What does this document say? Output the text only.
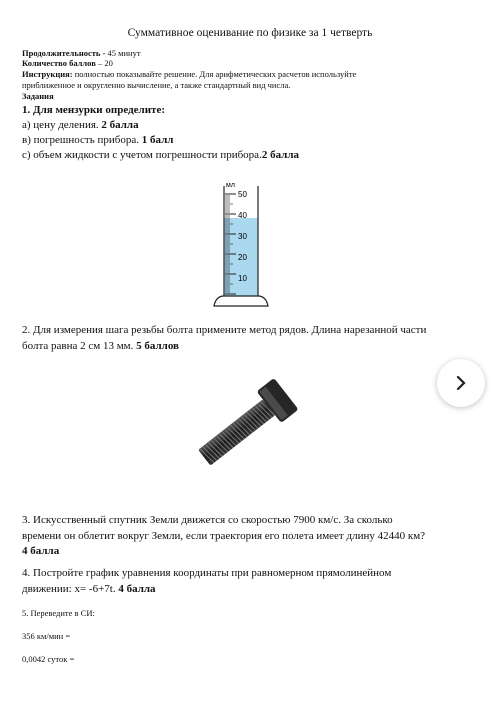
Суммативное оценивание по физике за 1 четверть
Продолжительность - 45 минут
Количество баллов – 20
Инструкция: полностью показывайте решение. Для арифметических расчетов используйте
приближенное и округленно вычисление, а также стандартный вид числа.
Задания
1. Для мензурки определите:
а) цену деления. 2 балла
в) погрешность прибора. 1 балл
с) объем жидкости с учетом погрешности прибора.2 балла
мл
50
40
30
20
10
2. Для измерения шага резьбы болта примените метод рядов. Длина нарезанной части
болта равна 2 см 13 мм. 5 баллов
3. Искусственный спутник Земли движется со скоростью 7900 км/с. За сколько
времени он облетит вокруг Земли, если траектория его полета имеет длину 42440 км?
4 балла
4. Постройте график уравнения координаты при равномерном прямолинейном
движении: x= -6+7t. 4 балла
5. Переведите в СИ:
356 км/мин =
0,0042 суток =
